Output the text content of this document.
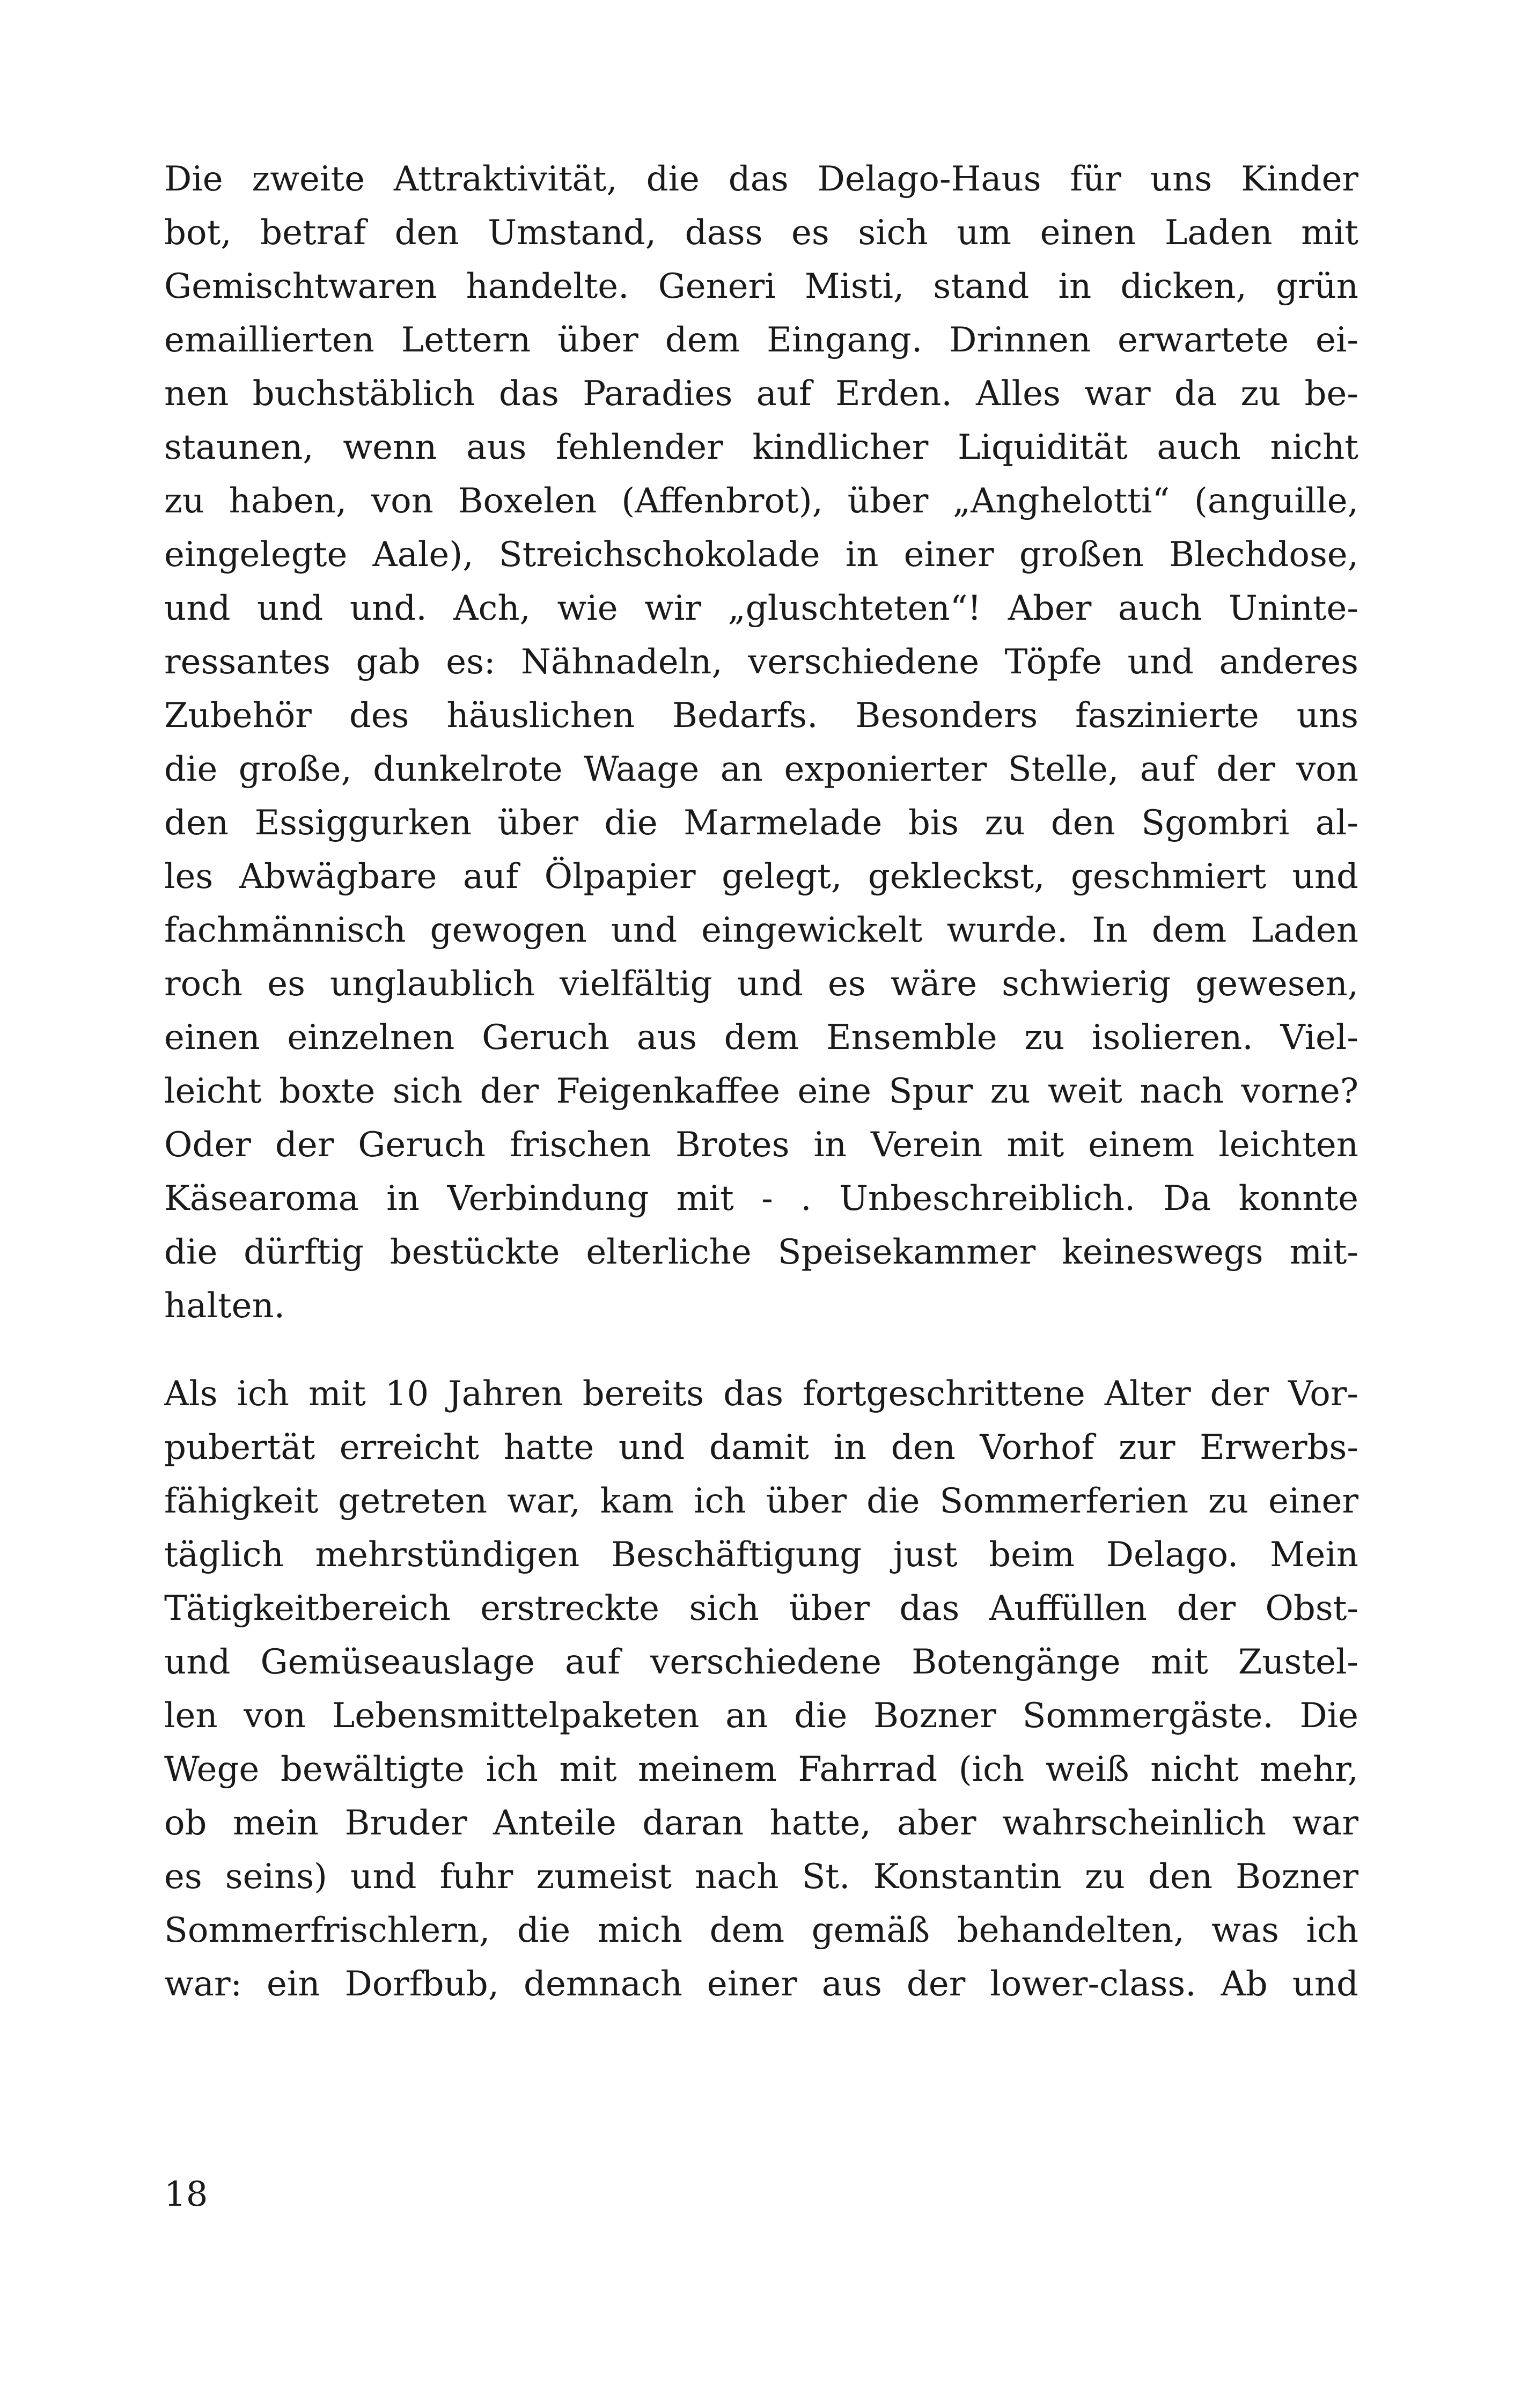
Die zweite Attraktivität, die das Delago-Haus für uns Kinder
bot, betraf den Umstand, dass es sich um einen Laden mit
Gemischtwaren handelte. Generi Misti, stand in dicken, grün
emaillierten Lettern über dem Eingang. Drinnen erwartete ei-
nen buchstäblich das Paradies auf Erden. Alles war da zu be-
staunen, wenn aus fehlender kindlicher Liquidität auch nicht
zu haben, von Boxelen (Affenbrot), über „Anghelotti“ (anguille,
eingelegte Aale), Streichschokolade in einer großen Blechdose,
und und und. Ach, wie wir „gluschteten“! Aber auch Uninte-
ressantes gab es: Nähnadeln, verschiedene Töpfe und anderes
Zubehör des häuslichen Bedarfs. Besonders faszinierte uns
die große, dunkelrote Waage an exponierter Stelle, auf der von
den Essiggurken über die Marmelade bis zu den Sgombri al-
les Abwägbare auf Ölpapier gelegt, gekleckst, geschmiert und
fachmännisch gewogen und eingewickelt wurde. In dem Laden
roch es unglaublich vielfältig und es wäre schwierig gewesen,
einen einzelnen Geruch aus dem Ensemble zu isolieren. Viel-
leicht boxte sich der Feigenkaffee eine Spur zu weit nach vorne?
Oder der Geruch frischen Brotes in Verein mit einem leichten
Käsearoma in Verbindung mit - . Unbeschreiblich. Da konnte
die dürftig bestückte elterliche Speisekammer keineswegs mit-
halten.
Als ich mit 10 Jahren bereits das fortgeschrittene Alter der Vor-
pubertät erreicht hatte und damit in den Vorhof zur Erwerbs-
fähigkeit getreten war, kam ich über die Sommerferien zu einer
täglich mehrstündigen Beschäftigung just beim Delago. Mein
Tätigkeitbereich erstreckte sich über das Auffüllen der Obst-
und Gemüseauslage auf verschiedene Botengänge mit Zustel-
len von Lebensmittelpaketen an die Bozner Sommergäste. Die
Wege bewältigte ich mit meinem Fahrrad (ich weiß nicht mehr,
ob mein Bruder Anteile daran hatte, aber wahrscheinlich war
es seins) und fuhr zumeist nach St. Konstantin zu den Bozner
Sommerfrischlern, die mich dem gemäß behandelten, was ich
war: ein Dorfbub, demnach einer aus der lower-class. Ab und
18
